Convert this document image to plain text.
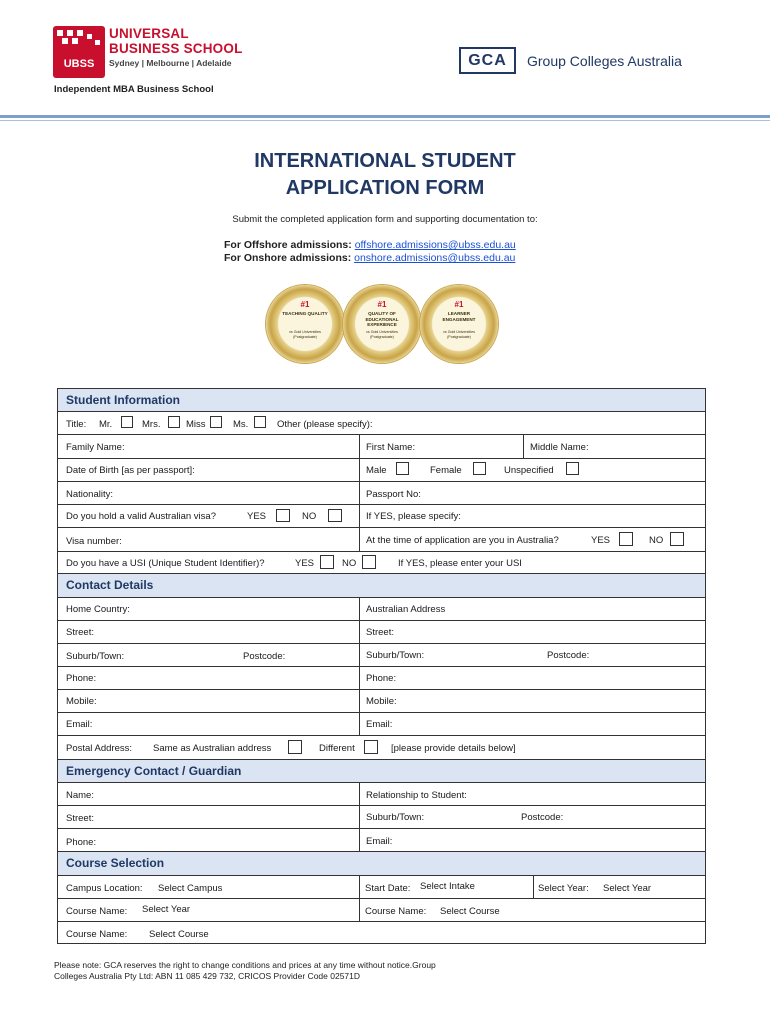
UBSS
UNIVERSAL
BUSINESS SCHOOL
Sydney | Melbourne | Adelaide
Independent MBA Business School
GCA	Group Colleges Australia
INTERNATIONAL STUDENT
APPLICATION FORM
Submit the completed application form and supporting documentation to:
For Offshore admissions: offshore.admissions@ubss.edu.au
For Onshore admissions: onshore.admissions@ubss.edu.au
#1
TEACHING QUALITY
vs Gold Universities (Postgraduate)
#1
QUALITY OF EDUCATIONAL EXPERIENCE
vs Gold Universities (Postgraduate)
#1
LEARNER ENGAGEMENT
vs Gold Universities (Postgraduate)
Student Information
Title: Mr.	Mrs.	Miss	Ms.	Other (please specify):
Family Name:	First Name:	Middle Name:
Date of Birth [as per passport]:	Male	Female	Unspecified
Nationality:	Passport No:
Do you hold a valid Australian visa?	YES	NO	If YES, please specify:
Visa number:	At the time of application are you in Australia?	YES	NO
Do you have a USI (Unique Student Identifier)?	YES	NO	If YES, please enter your USI
Contact Details
Home Country:	Australian Address
Street:	Street:
Suburb/Town:	Postcode:	Suburb/Town:	Postcode:
Phone:	Phone:
Mobile:	Mobile:
Email:	Email:
Postal Address: Same as Australian address	Different	[please provide details below]
Emergency Contact / Guardian
Name:	Relationship to Student:
Street:	Suburb/Town:	Postcode:
Phone:	Email:
Course Selection
Campus Location: Select Campus	Start Date: Select Intake	Select Year: Select Year
Course Name: Select Year	Course Name: Select Course
Course Name: Select Course
Please note: GCA reserves the right to change conditions and prices at any time without notice.Group
Colleges Australia Pty Ltd: ABN 11 085 429 732, CRICOS Provider Code 02571D
